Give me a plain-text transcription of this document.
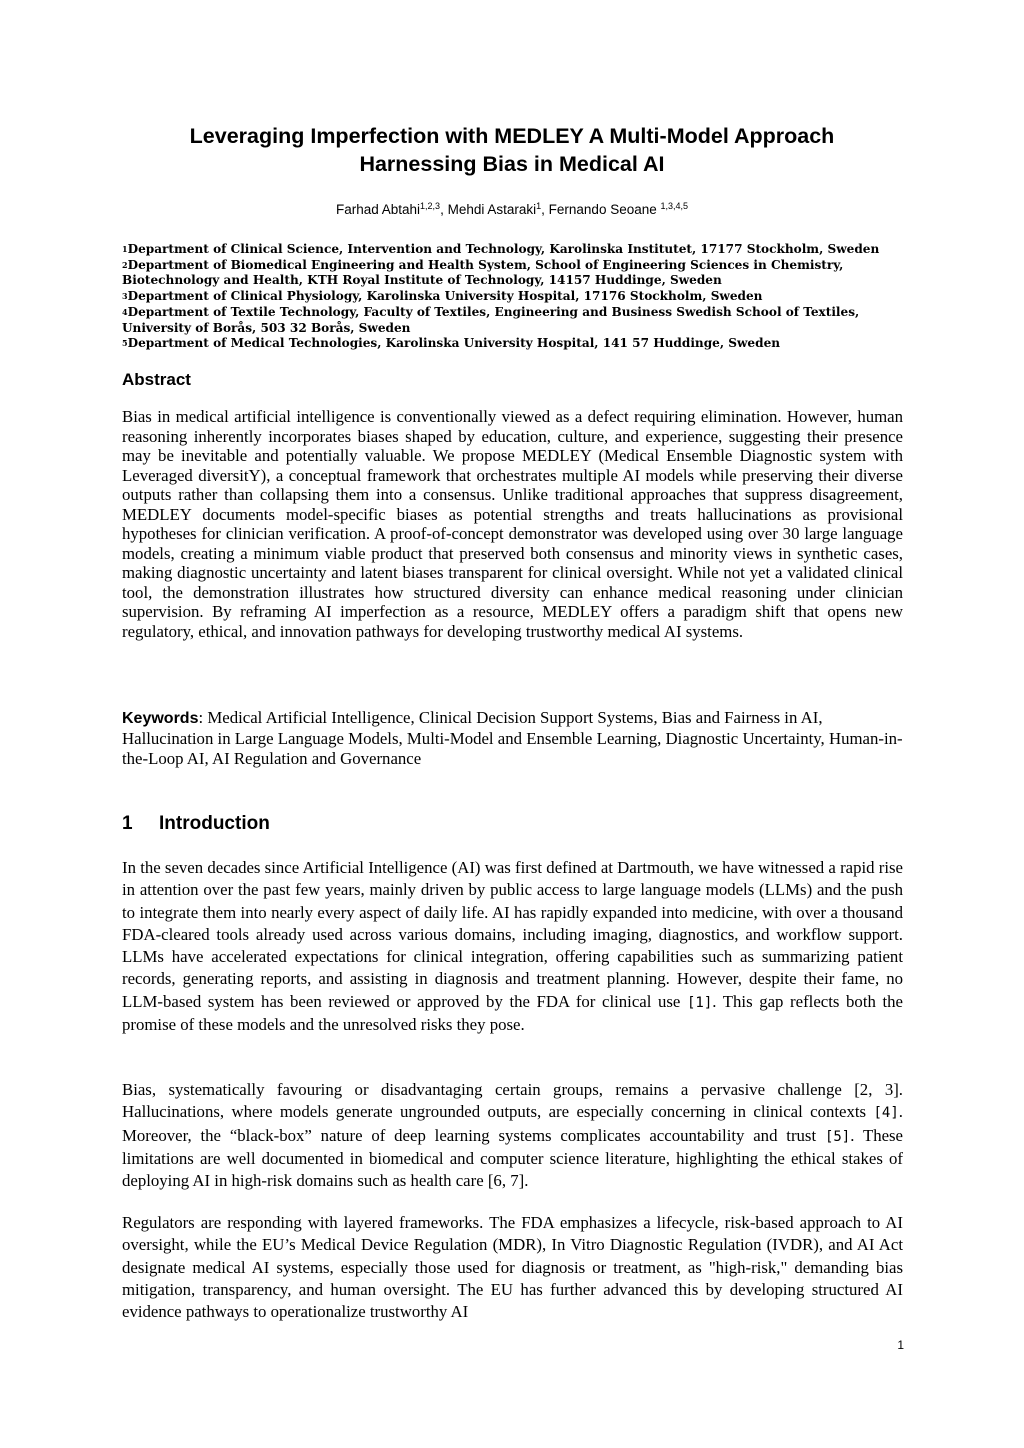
Leveraging Imperfection with MEDLEY A Multi-Model Approach
Harnessing Bias in Medical AI
Farhad Abtahi$^{1,2,3}$, Mehdi Astaraki$^1$, Fernando Seoane $^{1,3,4,5}$
1Department of Clinical Science, Intervention and Technology, Karolinska Institutet, 17177 Stockholm, Sweden
2Department of Biomedical Engineering and Health System, School of Engineering Sciences in Chemistry,
Biotechnology and Health, KTH Royal Institute of Technology, 14157 Huddinge, Sweden
3Department of Clinical Physiology, Karolinska University Hospital, 17176 Stockholm, Sweden
4Department of Textile Technology, Faculty of Textiles, Engineering and Business Swedish School of Textiles,
University of Borås, 503 32 Borås, Sweden
5Department of Medical Technologies, Karolinska University Hospital, 141 57 Huddinge, Sweden
Abstract

Bias in medical artificial intelligence is conventionally viewed as a defect requiring elimination. However, human reasoning inherently incorporates biases shaped by education, culture, and experience, suggesting their presence may be inevitable and potentially valuable. We propose MEDLEY (Medical Ensemble Diagnostic system with Leveraged diversitY), a conceptual framework that orchestrates multiple AI models while preserving their diverse outputs rather than collapsing them into a consensus. Unlike traditional approaches that suppress disagreement, MEDLEY documents model-specific biases as potential strengths and treats hallucinations as provisional hypotheses for clinician verification. A proof-of-concept demonstrator was developed using over 30 large language models, creating a minimum viable product that preserved both consensus and minority views in synthetic cases, making diagnostic uncertainty and latent biases transparent for clinical oversight. While not yet a validated clinical tool, the demonstration illustrates how structured diversity can enhance medical reasoning under clinician supervision. By reframing AI imperfection as a resource, MEDLEY offers a paradigm shift that opens new regulatory, ethical, and innovation pathways for developing trustworthy medical AI systems.

Keywords: Medical Artificial Intelligence, Clinical Decision Support Systems, Bias and Fairness in AI, Hallucination in Large Language Models, Multi-Model and Ensemble Learning, Diagnostic Uncertainty, Human-in-the-Loop AI, AI Regulation and Governance
1 Introduction

In the seven decades since Artificial Intelligence (AI) was first defined at Dartmouth, we have witnessed a rapid rise in attention over the past few years, mainly driven by public access to large language models (LLMs) and the push to integrate them into nearly every aspect of daily life. AI has rapidly expanded into medicine, with over a thousand FDA-cleared tools already used across various domains, including imaging, diagnostics, and workflow support. LLMs have accelerated expectations for clinical integration, offering capabilities such as summarizing patient records, generating reports, and assisting in diagnosis and treatment planning. However, despite their fame, no LLM-based system has been reviewed or approved by the FDA for clinical use [1]. This gap reflects both the promise of these models and the unresolved risks they pose.

Bias, systematically favouring or disadvantaging certain groups, remains a pervasive challenge [2, 3]. Hallucinations, where models generate ungrounded outputs, are especially concerning in clinical contexts [4]. Moreover, the “black-box” nature of deep learning systems complicates accountability and trust [5]. These limitations are well documented in biomedical and computer science literature, highlighting the ethical stakes of deploying AI in high-risk domains such as health care [6, 7].

Regulators are responding with layered frameworks. The FDA emphasizes a lifecycle, risk-based approach to AI oversight, while the EU’s Medical Device Regulation (MDR), In Vitro Diagnostic Regulation (IVDR), and AI Act designate medical AI systems, especially those used for diagnosis or treatment, as "high-risk," demanding bias mitigation, transparency, and human oversight. The EU has further advanced this by developing structured AI evidence pathways to operationalize trustworthy AI

1
